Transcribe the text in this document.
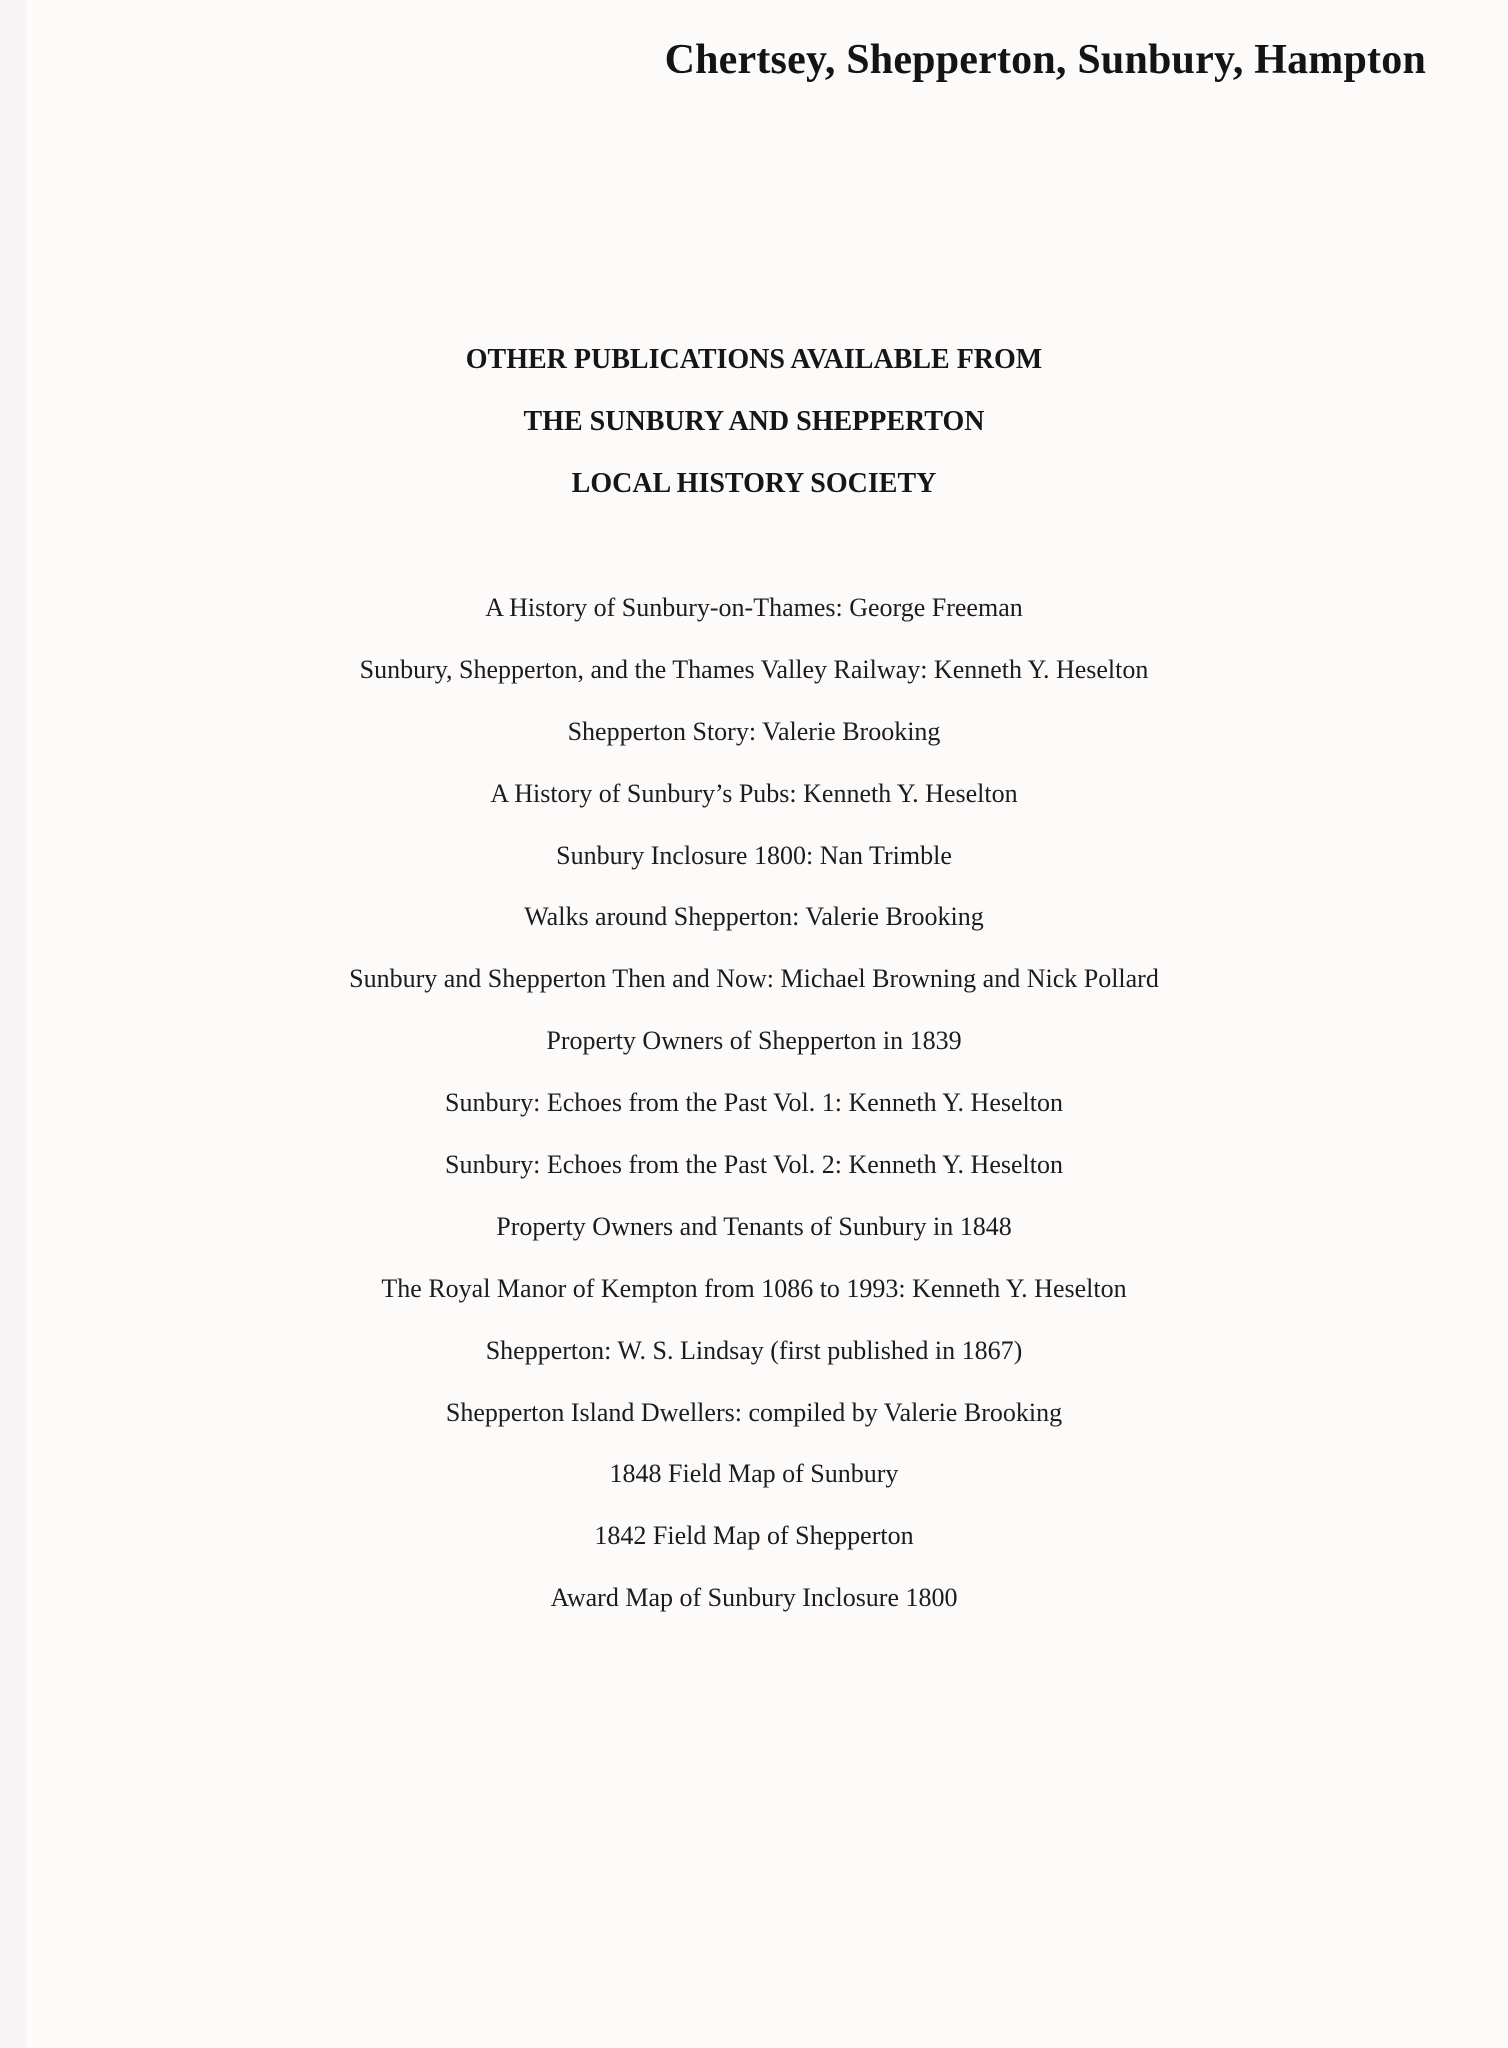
Chertsey, Shepperton, Sunbury, Hampton
OTHER PUBLICATIONS AVAILABLE FROM
THE SUNBURY AND SHEPPERTON
LOCAL HISTORY SOCIETY
A History of Sunbury-on-Thames: George Freeman
Sunbury, Shepperton, and the Thames Valley Railway: Kenneth Y. Heselton
Shepperton Story: Valerie Brooking
A History of Sunbury’s Pubs: Kenneth Y. Heselton
Sunbury Inclosure 1800: Nan Trimble
Walks around Shepperton: Valerie Brooking
Sunbury and Shepperton Then and Now: Michael Browning and Nick Pollard
Property Owners of Shepperton in 1839
Sunbury: Echoes from the Past Vol. 1: Kenneth Y. Heselton
Sunbury: Echoes from the Past Vol. 2: Kenneth Y. Heselton
Property Owners and Tenants of Sunbury in 1848
The Royal Manor of Kempton from 1086 to 1993: Kenneth Y. Heselton
Shepperton: W. S. Lindsay (first published in 1867)
Shepperton Island Dwellers: compiled by Valerie Brooking
1848 Field Map of Sunbury
1842 Field Map of Shepperton
Award Map of Sunbury Inclosure 1800
